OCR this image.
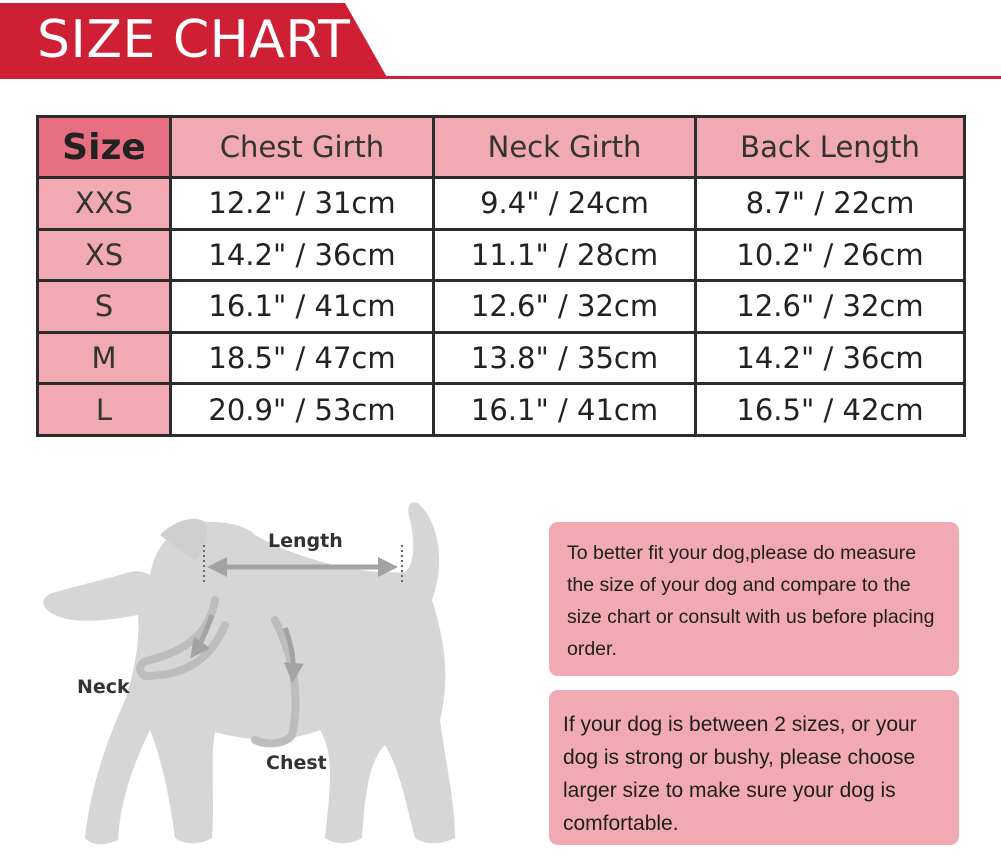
SIZE CHART
Size	Chest Girth	Neck Girth	Back Length
XXS	12.2" / 31cm	9.4" / 24cm	8.7" / 22cm
XS	14.2" / 36cm	11.1" / 28cm	10.2" / 26cm
S	16.1" / 41cm	12.6" / 32cm	12.6" / 32cm
M	18.5" / 47cm	13.8" / 35cm	14.2" / 36cm
L	20.9" / 53cm	16.1" / 41cm	16.5" / 42cm
Length
Neck
Chest
To better fit your dog,please do measure the size of your dog and compare to the size chart or consult with us before placing order.
If your dog is between 2 sizes, or your dog is strong or bushy, please choose larger size to make sure your dog is comfortable.
